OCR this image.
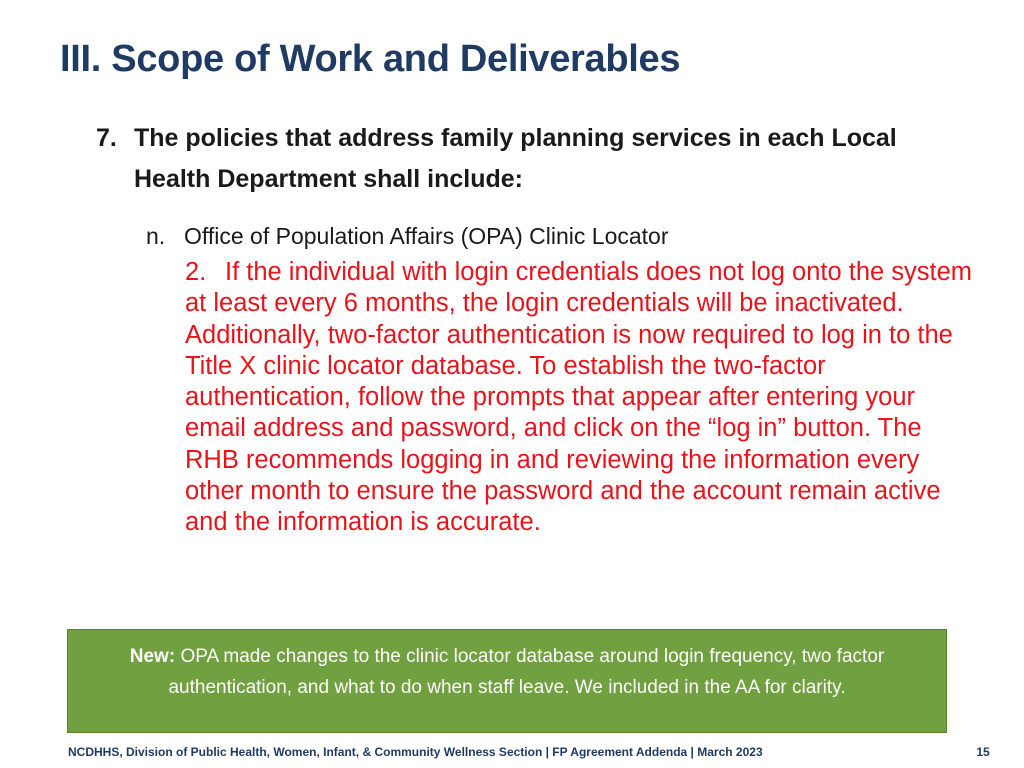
III. Scope of Work and Deliverables
7. The policies that address family planning services in each Local Health Department shall include:
n. Office of Population Affairs (OPA) Clinic Locator
2. If the individual with login credentials does not log onto the system at least every 6 months, the login credentials will be inactivated. Additionally, two-factor authentication is now required to log in to the Title X clinic locator database. To establish the two-factor authentication, follow the prompts that appear after entering your email address and password, and click on the “log in” button. The RHB recommends logging in and reviewing the information every other month to ensure the password and the account remain active and the information is accurate.
New: OPA made changes to the clinic locator database around login frequency, two factor authentication, and what to do when staff leave. We included in the AA for clarity.
NCDHHS, Division of Public Health, Women, Infant, & Community Wellness Section | FP Agreement Addenda | March 2023	15
